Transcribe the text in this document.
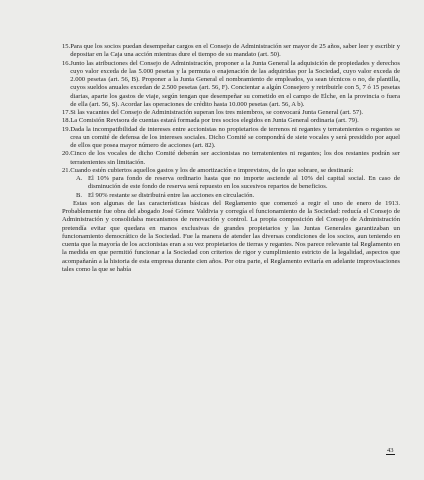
15. Para que los socios puedan desempeñar cargos en el Consejo de Administración ser mayor de 25 años, saber leer y escribir y depositar en la Caja una acción mientras dure el tiempo de su mandato (art. 50).
16. Junto las atribuciones del Consejo de Administración, proponer a la Junta General la adquisición de propiedades y derechos cuyo valor exceda de las 5.000 pesetas y la permuta o enajenación de las adquiridas por la Sociedad, cuyo valor exceda de 2.000 pesetas (art. 56, B). Proponer a la Junta General el nombramiento de empleados, ya sean técnicos o no, de plantilla, cuyos sueldos anuales excedan de 2.500 pesetas (art. 56, F). Concientar a algún Consejero y retribuirle con 5, 7 ó 15 pesetas diarias, aparte los gastos de viaje, según tengan que desempeñar su cometido en el campo de Elche, en la provincia o fuera de ella (art. 56, S). Acordar las operaciones de crédito hasta 10.000 pesetas (art. 56, A b).
17. Si las vacantes del Consejo de Administración superan los tres miembros, se convocará Junta General (art. 57).
18. La Comisión Revisora de cuentas estará formada por tres socios elegidos en Junta General ordinaria (art. 79).
19. Dada la incompatibilidad de intereses entre accionistas no propietarios de terrenos ni regantes y terratenientes o regantes se crea un comité de defensa de los intereses sociales. Dicho Comité se compondrá de siete vocales y será presidido por aquel de ellos que posea mayor número de acciones (art. 82).
20. Cinco de los vocales de dicho Comité deberán ser accionistas no terratenientes ni regantes; los dos restantes podrán ser terratenientes sin limitación.
21. Cuando estén cubiertos aquellos gastos y los de amortización e imprevistos, de lo que sobrare, se destinará:
A. El 10% para fondo de reserva ordinario hasta que no importe asciende al 10% del capital social. En caso de disminución de este fondo de reserva será repuesto en los sucesivos repartos de beneficios.
B. El 90% restante se distribuirá entre las acciones en circulación.

Estas son algunas de las características básicas del Reglamento que comenzó a regir el uno de enero de 1913. Probablemente fue obra del abogado José Gómez Valdivia y corregía el funcionamiento de la Sociedad: reducía el Consejo de Administración y consolidaba mecanismos de renovación y control. La propia composición del Consejo de Administración pretendía evitar que quedara en manos exclusivas de grandes propietarios y las Juntas Generales garantizaban un funcionamiento democrático de la Sociedad. Fue la manera de atender las diversas condiciones de los socios, aun teniendo en cuenta que la mayoría de los accionistas eran a su vez propietarios de tierras y regantes. Nos parece relevante tal Reglamento en la medida en que permitió funcionar a la Sociedad con criterios de rigor y cumplimiento estricto de la legalidad, aspectos que acompañarán a la historia de esta empresa durante cien años. Por otra parte, el Reglamento evitaría en adelante improvisaciones tales como la que se había

43
